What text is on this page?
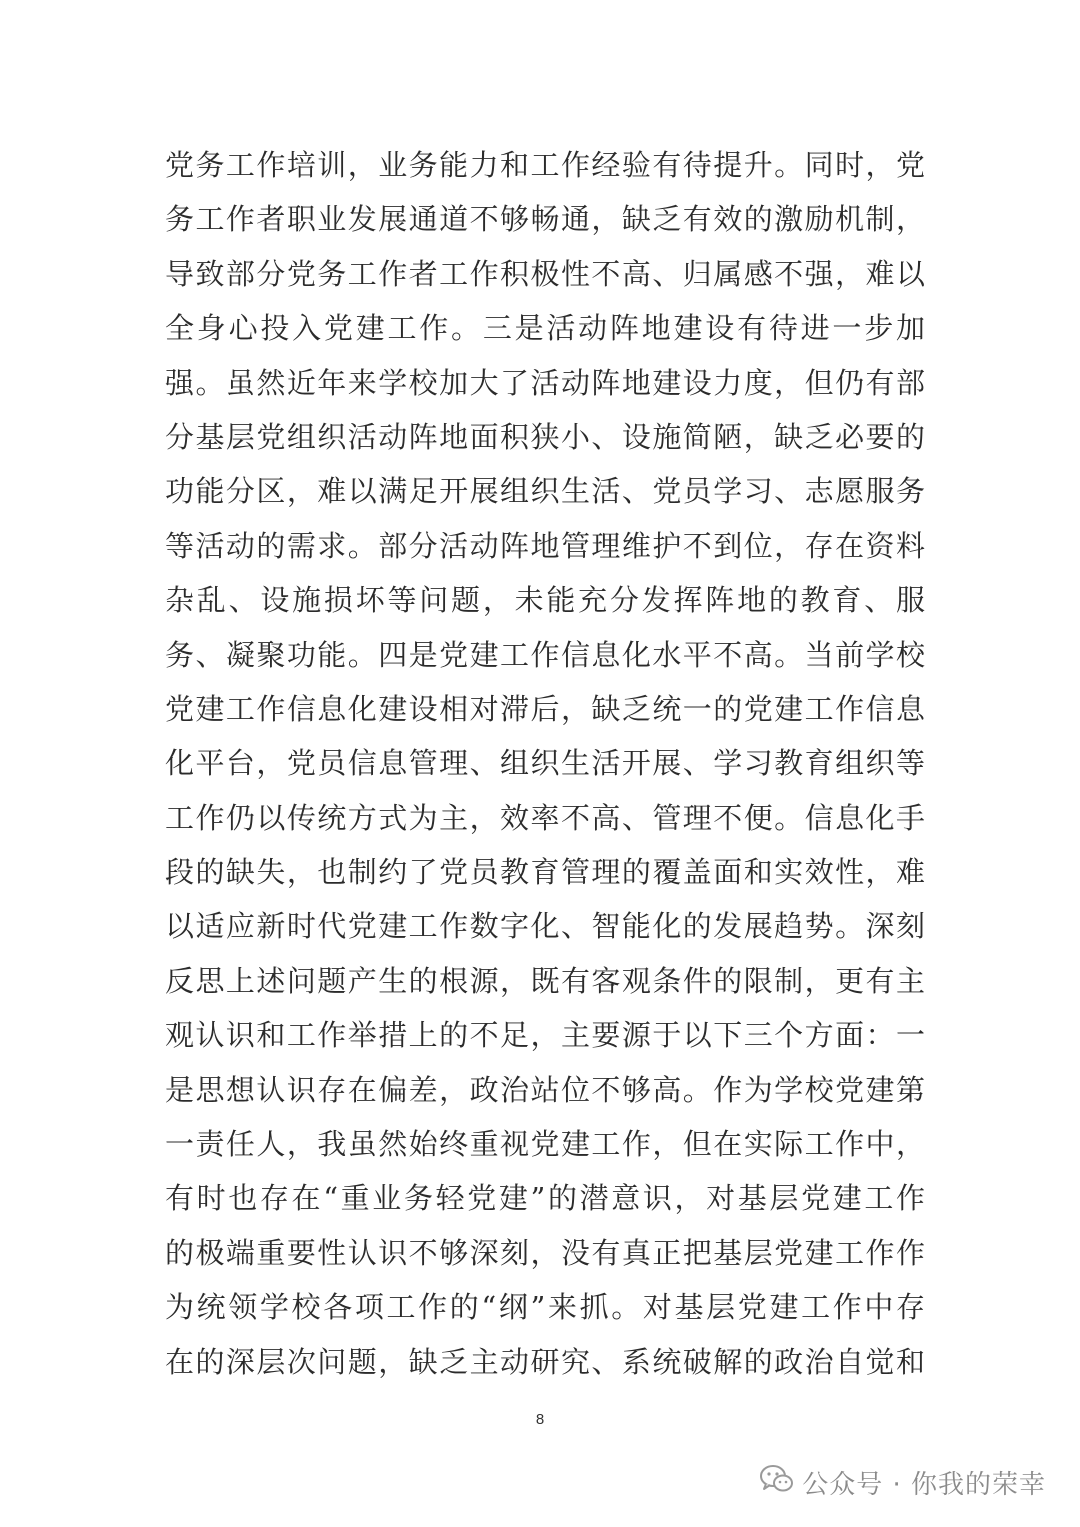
党务工作培训，业务能力和工作经验有待提升。同时，党
务工作者职业发展通道不够畅通，缺乏有效的激励机制，
导致部分党务工作者工作积极性不高、归属感不强，难以
全身心投入党建工作。三是活动阵地建设有待进一步加
强。虽然近年来学校加大了活动阵地建设力度，但仍有部
分基层党组织活动阵地面积狭小、设施简陋，缺乏必要的
功能分区，难以满足开展组织生活、党员学习、志愿服务
等活动的需求。部分活动阵地管理维护不到位，存在资料
杂乱、设施损坏等问题，未能充分发挥阵地的教育、服
务、凝聚功能。四是党建工作信息化水平不高。当前学校
党建工作信息化建设相对滞后，缺乏统一的党建工作信息
化平台，党员信息管理、组织生活开展、学习教育组织等
工作仍以传统方式为主，效率不高、管理不便。信息化手
段的缺失，也制约了党员教育管理的覆盖面和实效性，难
以适应新时代党建工作数字化、智能化的发展趋势。深刻
反思上述问题产生的根源，既有客观条件的限制，更有主
观认识和工作举措上的不足，主要源于以下三个方面：一
是思想认识存在偏差，政治站位不够高。作为学校党建第
一责任人，我虽然始终重视党建工作，但在实际工作中，
有时也存在“重业务轻党建”的潜意识，对基层党建工作
的极端重要性认识不够深刻，没有真正把基层党建工作作
为统领学校各项工作的“纲”来抓。对基层党建工作中存
在的深层次问题，缺乏主动研究、系统破解的政治自觉和
8
公众号 · 你我的荣幸
